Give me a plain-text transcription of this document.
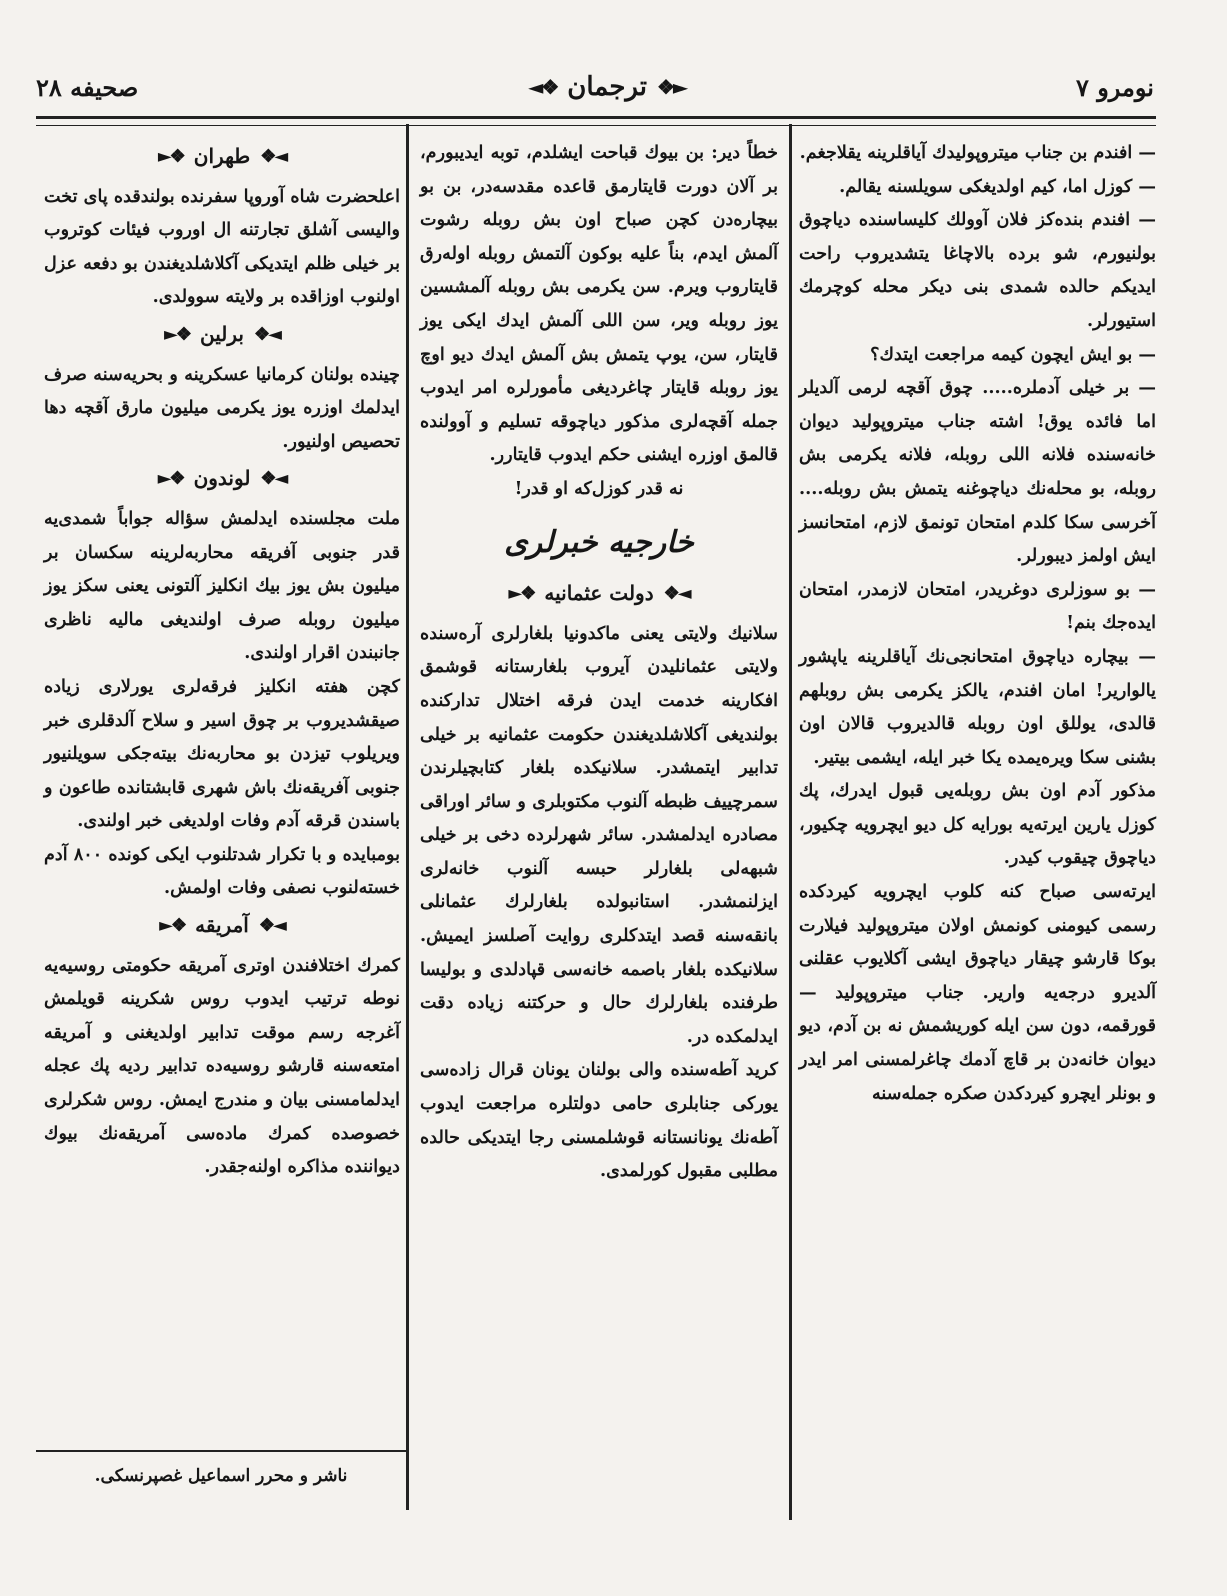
صحیفه ۲۸	◄❖ ترجمان ❖►	نومرو ۷

— افندم بن جناب میتروپولیدك آیاقلرینه یقلاجغم.

— کوزل اما، کیم اولدیغکی سویلسنه یقالم.

— افندم بنده‌کز فلان آوولك کلیساسنده دیاچوق بولنیورم، شو برده بالاچاغا یتشدیروب راحت ایدیکم حالده شمدی بنی دیکر محله کوچرمك استیورلر.

— بو ایش ایچون کیمه مراجعت ایتدك؟

— بر خیلی آدملره..... چوق آقچه لرمی آلدیلر اما فائده یوق! اشته جناب میتروپولید دیوان خانه‌سنده فلانه اللی روبله، فلانه یکرمی بش روبله، بو محله‌نك دیاچوغنه یتمش بش روبله.... آخرسی سکا کلدم امتحان تونمق لازم، امتحانسز ایش اولمز دیبورلر.

— بو سوزلری دوغریدر، امتحان لازمدر، امتحان ایده‌جك بنم!

— بیچاره دیاچوق امتحانجی‌نك آیاقلرینه یاپشور یالواریر! امان افندم، یالکز یکرمی بش روبلهم قالدی، یوللق اون روبله قالدیروب قالان اون بشنی سکا ویره‌یمده یکا خبر ایله، ایشمی بیتیر.

مذکور آدم اون بش روبله‌یی قبول ایدرك، پك کوزل یارین ایرته‌یه بورایه کل دیو ایچرویه چکیور، دیاچوق چیقوب کیدر.

ایرته‌سی صباح کنه کلوب ایچرویه کیردکده رسمی کیومنی کونمش اولان میتروپولید فیلارت بوکا قارشو چیقار دیاچوق ایشی آکلایوب عقلنی آلدیرو درجه‌یه واریر. جناب میتروپولید — قورقمه، دون سن ایله کوریشمش نه بن آدم، دیو دیوان خانه‌دن بر قاچ آدمك چاغرلمسنی امر ایدر و بونلر ایچرو کیردکدن صکره جمله‌سنه

خطاً دیر: بن بیوك قباحت ایشلدم، توبه ایدیبورم، بر آلان دورت قایتارمق قاعده مقدسه‌در، بن بو بیچاره‌دن کچن صباح اون بش روبله رشوت آلمش ایدم، بناً علیه بوکون آلتمش روبله اوله‌رق قایتاروب ویرم. سن یکرمی بش روبله آلمشسین یوز روبله ویر، سن اللی آلمش ایدك ایکی یوز قایتار، سن، یوپ یتمش بش آلمش ایدك دیو اوچ یوز روبله قایتار چاغردیغی مأمورلره امر ایدوب جمله آقچه‌لری مذکور دیاچوقه تسلیم و آوولنده قالمق اوزره ایشنی حکم ایدوب قایتارر.

نه قدر کوزل‌که او قدر!

خارجیه خبرلری
◄❖
دولت عثمانیه
❖►

سلانیك ولایتی یعنی ماکدونیا بلغارلری آره‌سنده ولایتی عثمانلیدن آیروب بلغارستانه قوشمق افکارینه خدمت ایدن فرقه اختلال تدارکنده بولندیغی آکلاشلدیغندن حکومت عثمانیه بر خیلی تدابیر ایتمشدر. سلانیکده بلغار کتابچیلرندن سمرچییف ظبطه آلنوب مکتوبلری و سائر اوراقی مصادره ایدلمشدر. سائر شهرلرده دخی بر خیلی شبهه‌لی بلغارلر حبسه آلنوب خانه‌لری ایزلنمشدر. استانبولده بلغارلرك عثمانلی بانقه‌سنه قصد ایتدکلری روایت آصلسز ایمیش. سلانیکده بلغار باصمه خانه‌سی قپادلدی و بولیسا طرفنده بلغارلرك حال و حرکتنه زیاده دقت ایدلمکده در.

کرید آطه‌سنده والی بولنان یونان قرال زاده‌سی یورکی جنابلری حامی دولتلره مراجعت ایدوب آطه‌نك یونانستانه قوشلمسنی رجا ایتدیکی حالده مطلبی مقبول کورلمدی.

◄❖
طهران
❖►

اعلحضرت شاه آوروپا سفرنده بولندقده پای تخت والیسی آشلق تجارتنه ال اوروب فیئات کوتروب بر خیلی ظلم ایتدیکی آکلاشلدیغندن بو دفعه عزل اولنوب اوزاقده بر ولایته سوولدی.

◄❖
برلین
❖►

چینده بولنان کرمانیا عسکرینه و بحریه‌سنه صرف ایدلمك اوزره یوز یکرمی میلیون مارق آقچه دها تحصیص اولنیور.

◄❖
لوندون
❖►

ملت مجلسنده ایدلمش سؤاله جواباً شمدی‌یه قدر جنوبی آفریقه محاربه‌لرینه سکسان بر میلیون بش یوز بیك انکلیز آلتونی یعنی سکز یوز میلیون روبله صرف اولندیغی مالیه ناظری جانبندن اقرار اولندی.

کچن هفته انکلیز فرقه‌لری یورلاری زیاده صیقشدیروب بر چوق اسیر و سلاح آلدقلری خبر ویریلوب تیزدن بو محاربه‌نك بیته‌جکی سویلنیور جنوبی آفریقه‌نك باش شهری قابشتانده طاعون و باسندن قرقه آدم وفات اولدیغی خبر اولندی.

بومبایده و با تکرار شدتلنوب ایکی کونده ۸۰۰ آدم خسته‌لنوب نصفی وفات اولمش.

◄❖
آمریقه
❖►

کمرك اختلافندن اوتری آمریقه حکومتی روسیه‌یه نوطه ترتیب ایدوب روس شکرینه قویلمش آغرجه رسم موقت تدابیر اولدیغنی و آمریقه امتعه‌سنه قارشو روسیه‌ده تدابیر ردیه پك عجله ایدلمامسنی بیان و مندرج ایمش. روس شکرلری خصوصده کمرك ماده‌سی آمریقه‌نك بیوك دیواننده مذاکره اولنه‌جقدر.

ناشر و محرر اسماعیل غصپرنسکی.
